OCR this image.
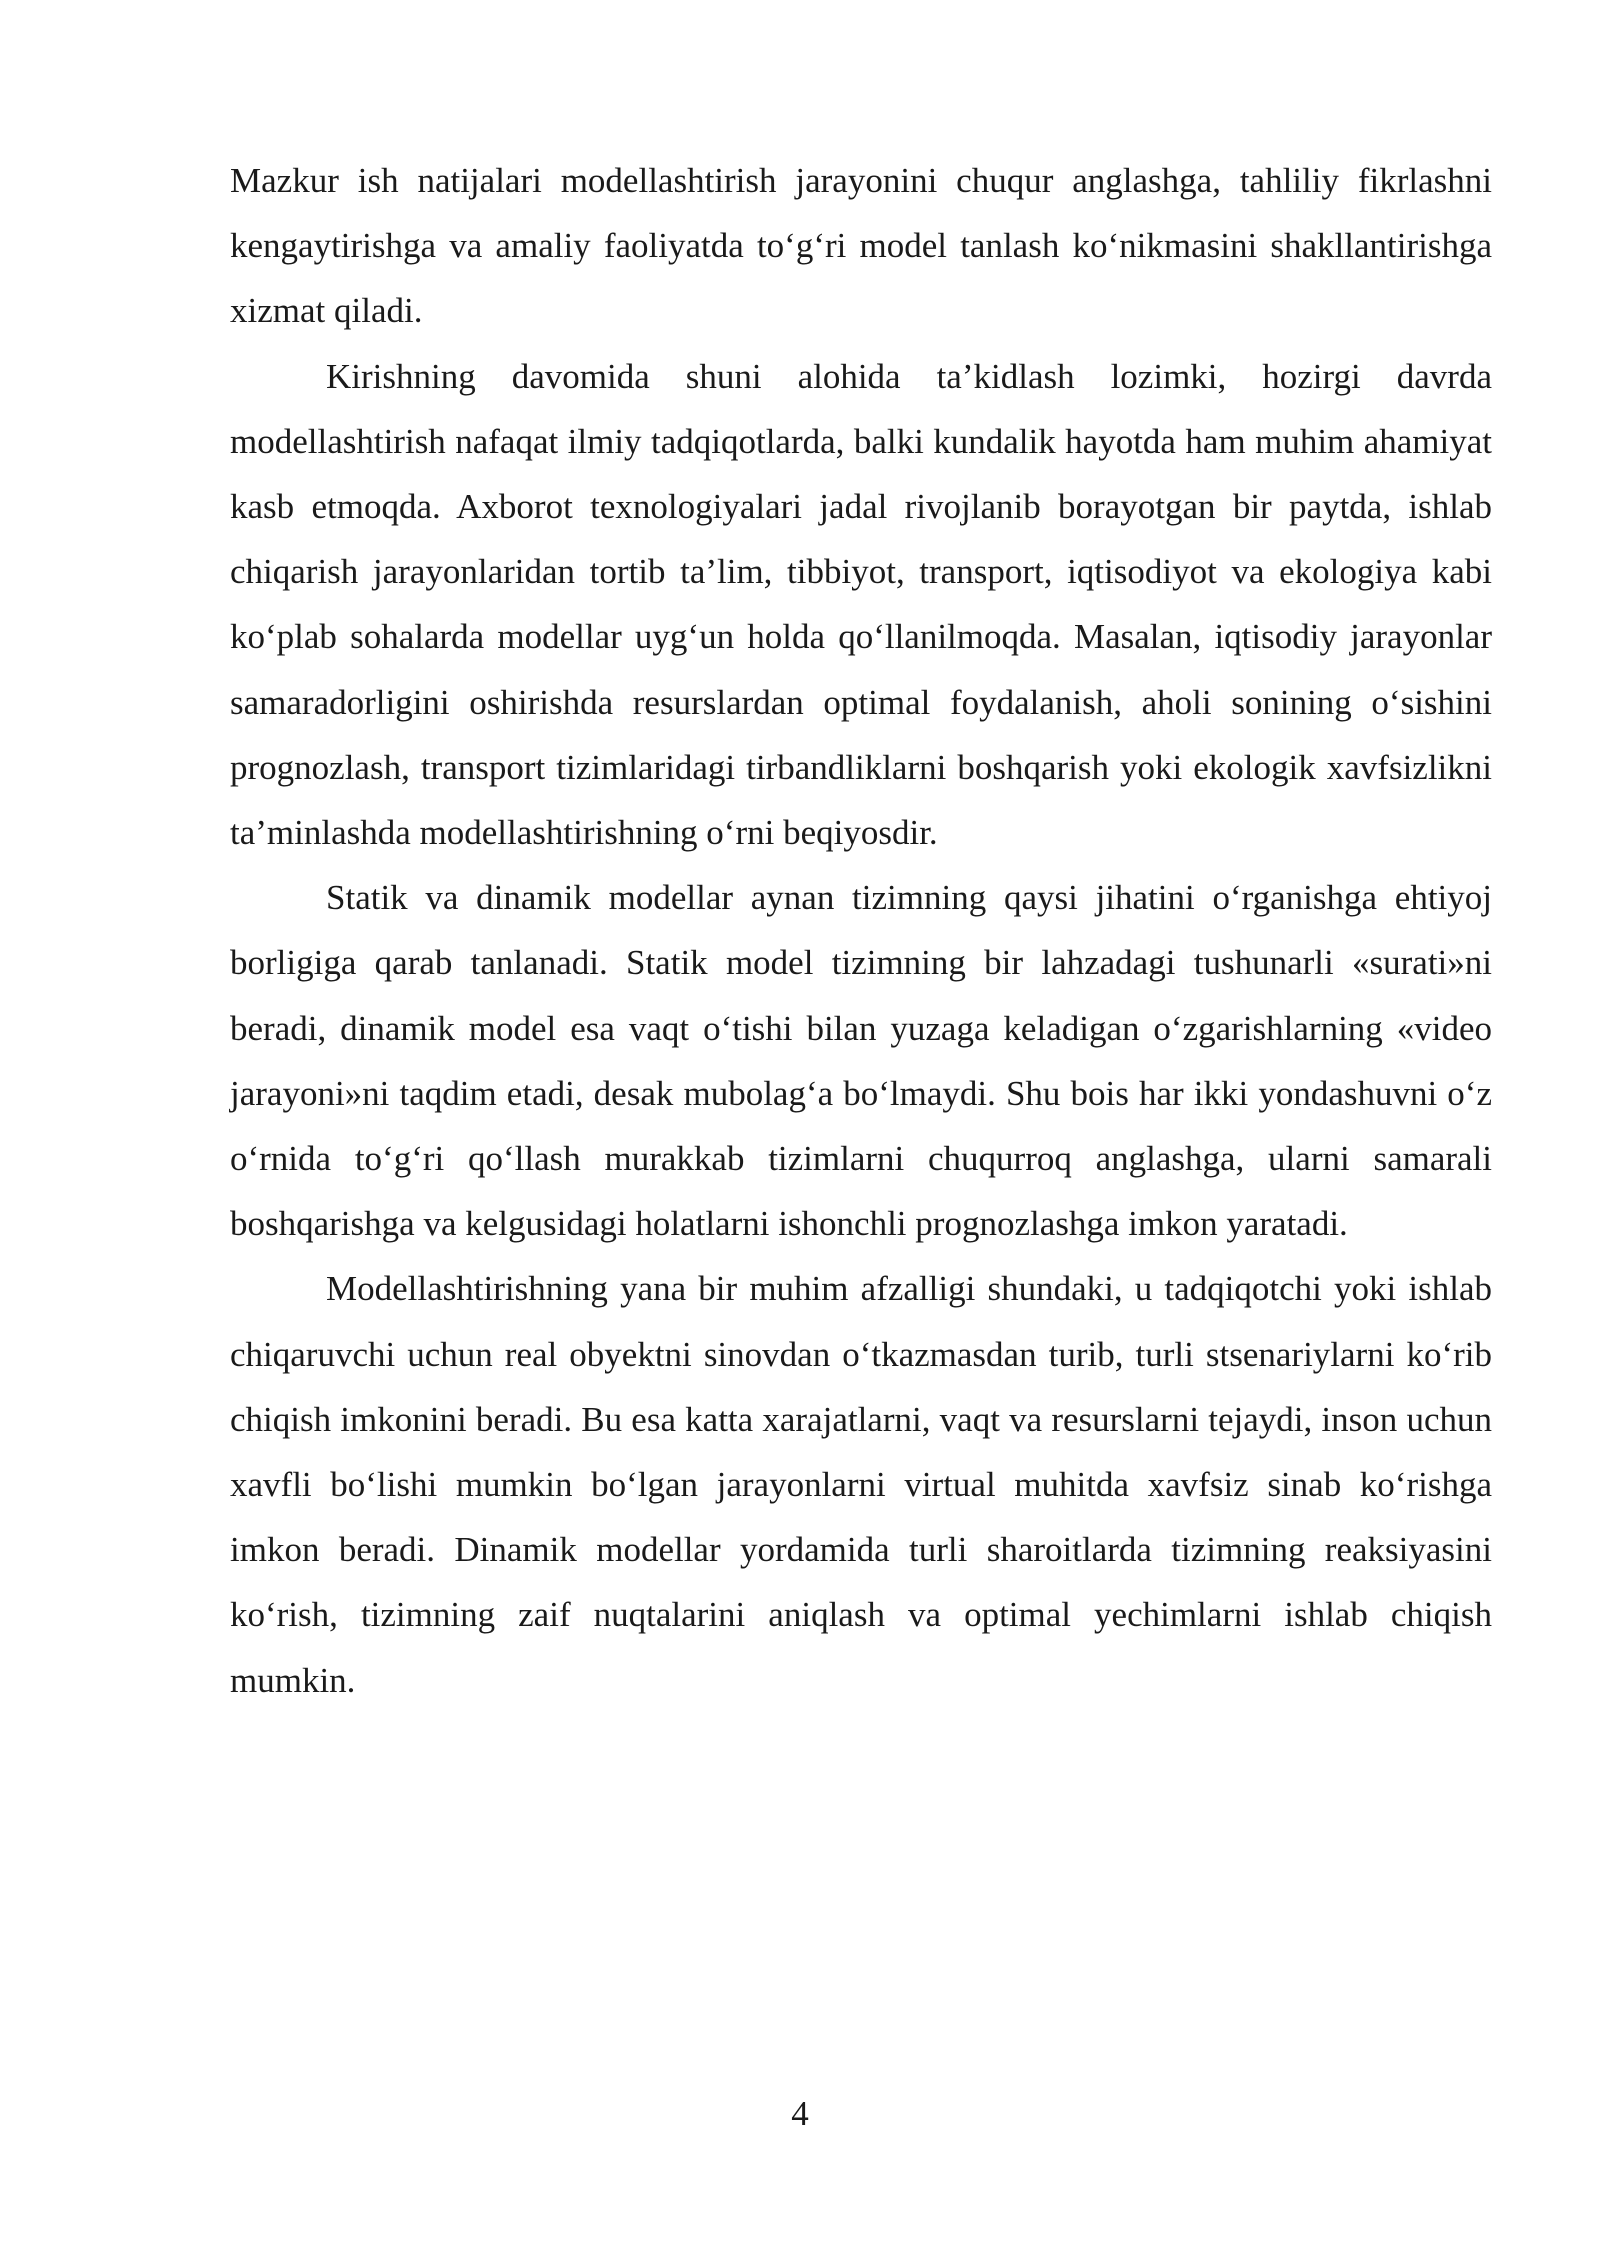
Mazkur ish natijalari modellashtirish jarayonini chuqur anglashga, tahliliy fikrlashni kengaytirishga va amaliy faoliyatda to‘g‘ri model tanlash ko‘nikmasini shakllantirishga xizmat qiladi.

Kirishning davomida shuni alohida ta’kidlash lozimki, hozirgi davrda modellashtirish nafaqat ilmiy tadqiqotlarda, balki kundalik hayotda ham muhim ahamiyat kasb etmoqda. Axborot texnologiyalari jadal rivojlanib borayotgan bir paytda, ishlab chiqarish jarayonlaridan tortib ta’lim, tibbiyot, transport, iqtisodiyot va ekologiya kabi ko‘plab sohalarda modellar uyg‘un holda qo‘llanilmoqda. Masalan, iqtisodiy jarayonlar samaradorligini oshirishda resurslardan optimal foydalanish, aholi sonining o‘sishini prognozlash, transport tizimlaridagi tirbandliklarni boshqarish yoki ekologik xavfsizlikni ta’minlashda modellashtirishning o‘rni beqiyosdir.

Statik va dinamik modellar aynan tizimning qaysi jihatini o‘rganishga ehtiyoj borligiga qarab tanlanadi. Statik model tizimning bir lahzadagi tushunarli «surati»ni beradi, dinamik model esa vaqt o‘tishi bilan yuzaga keladigan o‘zgarishlarning «video jarayoni»ni taqdim etadi, desak mubolag‘a bo‘lmaydi. Shu bois har ikki yondashuvni o‘z o‘rnida to‘g‘ri qo‘llash murakkab tizimlarni chuqurroq anglashga, ularni samarali boshqarishga va kelgusidagi holatlarni ishonchli prognozlashga imkon yaratadi.

Modellashtirishning yana bir muhim afzalligi shundaki, u tadqiqotchi yoki ishlab chiqaruvchi uchun real obyektni sinovdan o‘tkazmasdan turib, turli stsenariylarni ko‘rib chiqish imkonini beradi. Bu esa katta xarajatlarni, vaqt va resurslarni tejaydi, inson uchun xavfli bo‘lishi mumkin bo‘lgan jarayonlarni virtual muhitda xavfsiz sinab ko‘rishga imkon beradi. Dinamik modellar yordamida turli sharoitlarda tizimning reaksiyasini ko‘rish, tizimning zaif nuqtalarini aniqlash va optimal yechimlarni ishlab chiqish mumkin.

4
